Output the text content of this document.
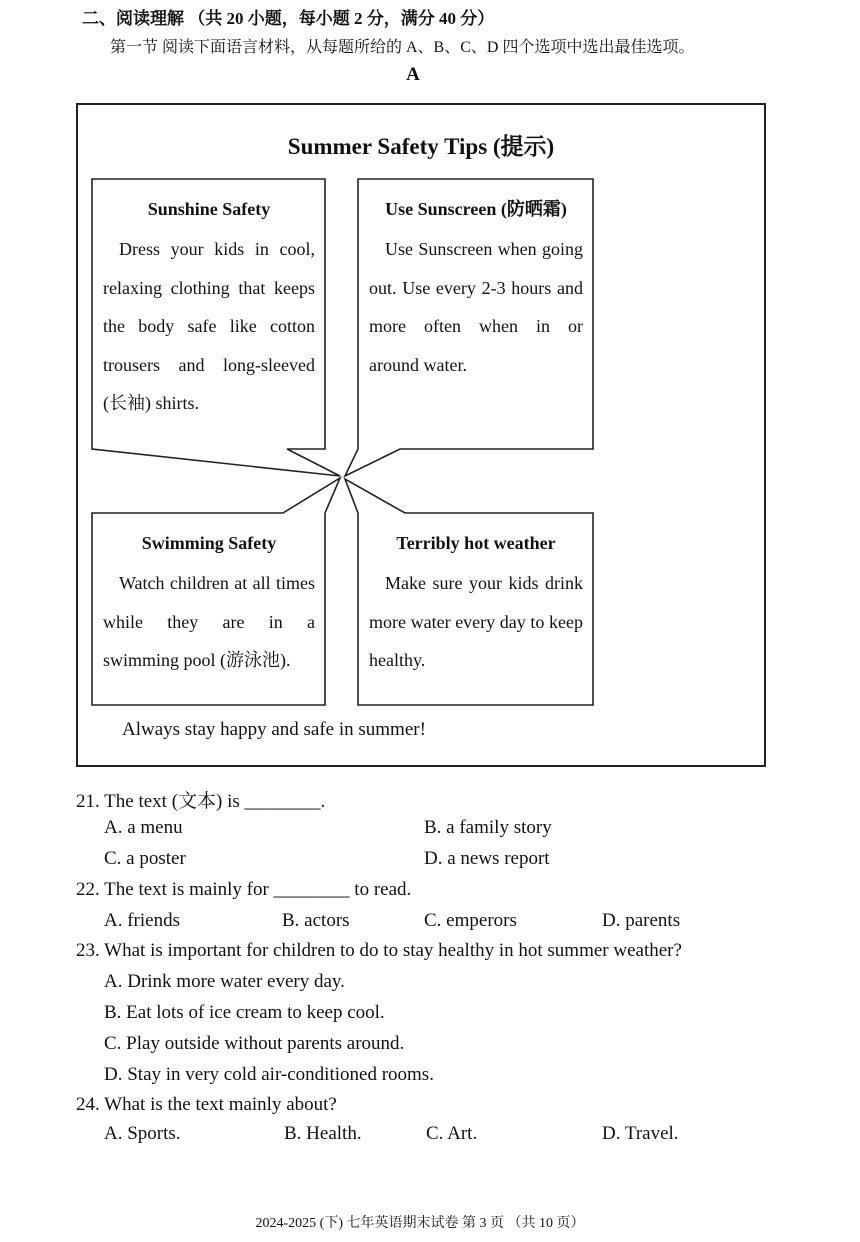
二、阅读理解 （共 20 小题，每小题 2 分，满分 40 分）
第一节 阅读下面语言材料，从每题所给的 A、B、C、D 四个选项中选出最佳选项。
A
Summer Safety Tips (提示)
Sunshine Safety
Dress your kids in cool, relaxing clothing that keeps the body safe like cotton trousers and long-sleeved (长袖) shirts.
Use Sunscreen (防晒霜)
Use Sunscreen when going out. Use every 2-3 hours and more often when in or around water.
Swimming Safety
Watch children at all times while they are in a swimming pool (游泳池).
Terribly hot weather
Make sure your kids drink more water every day to keep healthy.
Always stay happy and safe in summer!
21. The text (文本) is ________.
A. a menu	B. a family story
C. a poster	D. a news report
22. The text is mainly for ________ to read.
A. friends	B. actors	C. emperors	D. parents
23. What is important for children to do to stay healthy in hot summer weather?
A. Drink more water every day.
B. Eat lots of ice cream to keep cool.
C. Play outside without parents around.
D. Stay in very cold air-conditioned rooms.
24. What is the text mainly about?
A. Sports.	B. Health.	C. Art.	D. Travel.
2024-2025 (下) 七年英语期末试卷 第 3 页 （共 10 页）
